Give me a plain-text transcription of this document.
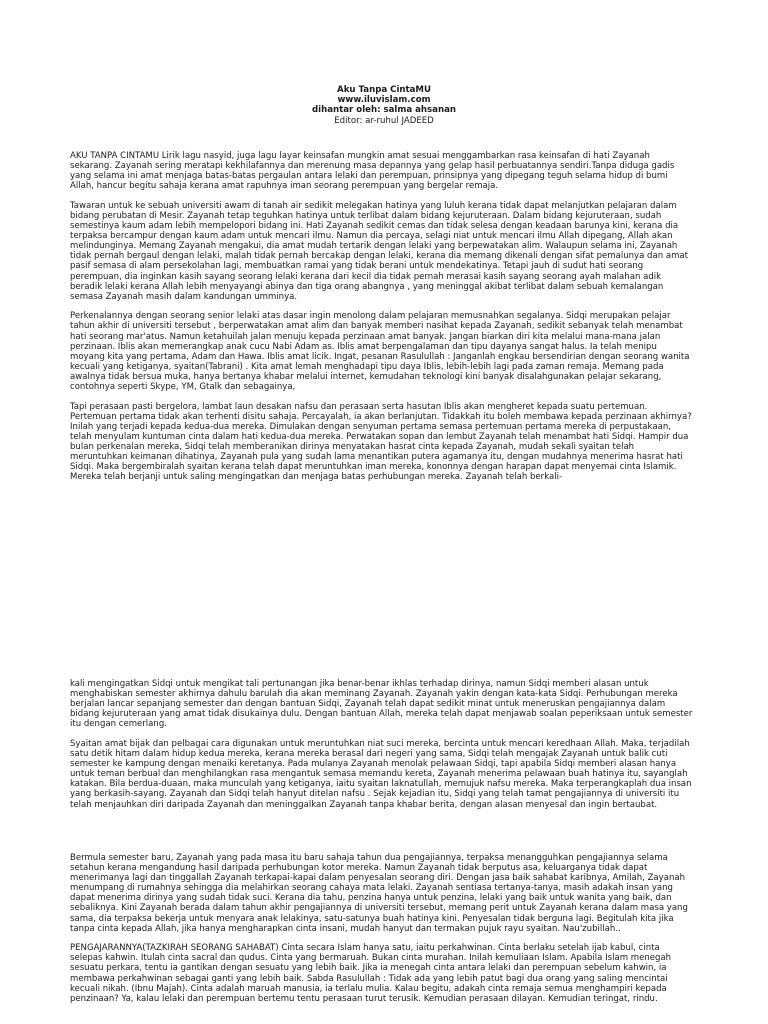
Aku Tanpa CintaMU
www.iluvislam.com
dihantar oleh: salma ahsanan
Editor: ar-ruhul JADEED

AKU TANPA CINTAMU Lirik lagu nasyid, juga lagu layar keinsafan mungkin amat sesuai menggambarkan rasa keinsafan di hati Zayanah sekarang. Zayanah sering meratapi kekhilafannya dan merenung masa depannya yang gelap hasil perbuatannya sendiri.Tanpa diduga gadis yang selama ini amat menjaga batas-batas pergaulan antara lelaki dan perempuan, prinsipnya yang dipegang teguh selama hidup di bumi Allah, hancur begitu sahaja kerana amat rapuhnya iman seorang perempuan yang bergelar remaja.

Tawaran untuk ke sebuah universiti awam di tanah air sedikit melegakan hatinya yang luluh kerana tidak dapat melanjutkan pelajaran dalam bidang perubatan di Mesir. Zayanah tetap teguhkan hatinya untuk terlibat dalam bidang kejuruteraan. Dalam bidang kejuruteraan, sudah semestinya kaum adam lebih mempelopori bidang ini. Hati Zayanah sedikit cemas dan tidak selesa dengan keadaan barunya kini, kerana dia terpaksa bercampur dengan kaum adam untuk mencari ilmu. Namun dia percaya, selagi niat untuk mencari ilmu Allah dipegang, Allah akan melindunginya. Memang Zayanah mengakui, dia amat mudah tertarik dengan lelaki yang berpewatakan alim. Walaupun selama ini, Zayanah tidak pernah bergaul dengan lelaki, malah tidak pernah bercakap dengan lelaki, kerana dia memang dikenali dengan sifat pemalunya dan amat pasif semasa di alam persekolahan lagi, membuatkan ramai yang tidak berani untuk mendekatinya. Tetapi jauh di sudut hati seorang perempuan, dia inginkan kasih sayang seorang lelaki kerana dari kecil dia tidak pernah merasai kasih sayang seorang ayah malahan adik beradik lelaki kerana Allah lebih menyayangi abinya dan tiga orang abangnya , yang meninggal akibat terlibat dalam sebuah kemalangan semasa Zayanah masih dalam kandungan umminya.

Perkenalannya dengan seorang senior lelaki atas dasar ingin menolong dalam pelajaran memusnahkan segalanya. Sidqi merupakan pelajar tahun akhir di universiti tersebut , berperwatakan amat alim dan banyak memberi nasihat kepada Zayanah, sedikit sebanyak telah menambat hati seorang mar'atus. Namun ketahuilah jalan menuju kepada perzinaan amat banyak. Jangan biarkan diri kita melalui mana-mana jalan perzinaan. Iblis akan memerangkap anak cucu Nabi Adam as. Iblis amat berpengalaman dan tipu dayanya sangat halus. Ia telah menipu moyang kita yang pertama, Adam dan Hawa. Iblis amat licik. Ingat, pesanan Rasulullah : Janganlah engkau bersendirian dengan seorang wanita kecuali yang ketiganya, syaitan(Tabrani) . Kita amat lemah menghadapi tipu daya Iblis, lebih-lebih lagi pada zaman remaja. Memang pada awalnya tidak bersua muka, hanya bertanya khabar melalui internet, kemudahan teknologi kini banyak disalahgunakan pelajar sekarang, contohnya seperti Skype, YM, Gtalk dan sebagainya,

Tapi perasaan pasti bergelora, lambat laun desakan nafsu dan perasaan serta hasutan Iblis akan mengheret kepada suatu pertemuan. Pertemuan pertama tidak akan terhenti disitu sahaja. Percayalah, ia akan berlanjutan. Tidakkah itu boleh membawa kepada perzinaan akhirnya? Inilah yang terjadi kepada kedua-dua mereka. Dimulakan dengan senyuman pertama semasa pertemuan pertama mereka di perpustakaan, telah menyulam kuntuman cinta dalam hati kedua-dua mereka. Perwatakan sopan dan lembut Zayanah telah menambat hati Sidqi. Hampir dua bulan perkenalan mereka, Sidqi telah memberanikan dirinya menyatakan hasrat cinta kepada Zayanah, mudah sekali syaitan telah meruntuhkan keimanan dihatinya, Zayanah pula yang sudah lama menantikan putera agamanya itu, dengan mudahnya menerima hasrat hati Sidqi. Maka bergembiralah syaitan kerana telah dapat meruntuhkan iman mereka, kononnya dengan harapan dapat menyemai cinta Islamik. Mereka telah berjanji untuk saling mengingatkan dan menjaga batas perhubungan mereka. Zayanah telah berkali-

kali mengingatkan Sidqi untuk mengikat tali pertunangan jika benar-benar ikhlas terhadap dirinya, namun Sidqi memberi alasan untuk menghabiskan semester akhirnya dahulu barulah dia akan meminang Zayanah. Zayanah yakin dengan kata-kata Sidqi. Perhubungan mereka berjalan lancar sepanjang semester dan dengan bantuan Sidqi, Zayanah telah dapat sedikit minat untuk meneruskan pengajiannya dalam bidang kejuruteraan yang amat tidak disukainya dulu. Dengan bantuan Allah, mereka telah dapat menjawab soalan peperiksaan untuk semester itu dengan cemerlang.

Syaitan amat bijak dan pelbagai cara digunakan untuk meruntuhkan niat suci mereka, bercinta untuk mencari keredhaan Allah. Maka, terjadilah satu detik hitam dalam hidup kedua mereka, kerana mereka berasal dari negeri yang sama, Sidqi telah mengajak Zayanah untuk balik cuti semester ke kampung dengan menaiki keretanya. Pada mulanya Zayanah menolak pelawaan Sidqi, tapi apabila Sidqi memberi alasan hanya untuk teman berbual dan menghilangkan rasa mengantuk semasa memandu kereta, Zayanah menerima pelawaan buah hatinya itu, sayanglah katakan. Bila berdua-duaan, maka munculah yang ketiganya, iaitu syaitan laknatullah, memujuk nafsu mereka. Maka terperangkaplah dua insan yang berkasih-sayang. Zayanah dan Sidqi telah hanyut ditelan nafsu . Sejak kejadian itu, Sidqi yang telah tamat pengajiannya di universiti itu telah menjauhkan diri daripada Zayanah dan meninggalkan Zayanah tanpa khabar berita, dengan alasan menyesal dan ingin bertaubat.

Bermula semester baru, Zayanah yang pada masa itu baru sahaja tahun dua pengajiannya, terpaksa menangguhkan pengajiannya selama setahun kerana mengandung hasil daripada perhubungan kotor mereka. Namun Zayanah tidak berputus asa, keluarganya tidak dapat menerimanya lagi dan tinggallah Zayanah terkapai-kapai dalam penyesalan seorang diri. Dengan jasa baik sahabat karibnya, Amilah, Zayanah menumpang di rumahnya sehingga dia melahirkan seorang cahaya mata lelaki. Zayanah sentiasa tertanya-tanya, masih adakah insan yang dapat menerima dirinya yang sudah tidak suci. Kerana dia tahu, penzina hanya untuk penzina, lelaki yang baik untuk wanita yang baik, dan sebaliknya. Kini Zayanah berada dalam tahun akhir pengajiannya di universiti tersebut, memang perit untuk Zayanah kerana dalam masa yang sama, dia terpaksa bekerja untuk menyara anak lelakinya, satu-satunya buah hatinya kini. Penyesalan tidak berguna lagi. Begitulah kita jika tanpa cinta kepada Allah, jika hanya mengharapkan cinta insani, mudah hanyut dan termakan pujuk rayu syaitan. Nau'zubillah..

PENGAJARANNYA(TAZKIRAH SEORANG SAHABAT) Cinta secara Islam hanya satu, iaitu perkahwinan. Cinta berlaku setelah ijab kabul, cinta selepas kahwin. Itulah cinta sacral dan qudus. Cinta yang bermaruah. Bukan cinta murahan. Inilah kemuliaan Islam. Apabila Islam menegah sesuatu perkara, tentu ia gantikan dengan sesuatu yang lebih baik. Jika ia menegah cinta antara lelaki dan perempuan sebelum kahwin, ia membawa perkahwinan sebagai ganti yang lebih baik. Sabda Rasulullah : Tidak ada yang lebih patut bagi dua orang yang saling mencintai kecuali nikah. (Ibnu Majah). Cinta adalah maruah manusia, ia terlalu mulia. Kalau begitu, adakah cinta remaja semua menghampiri kepada penzinaan? Ya, kalau lelaki dan perempuan bertemu tentu perasaan turut terusik. Kemudian perasaan dilayan. Kemudian teringat, rindu.
